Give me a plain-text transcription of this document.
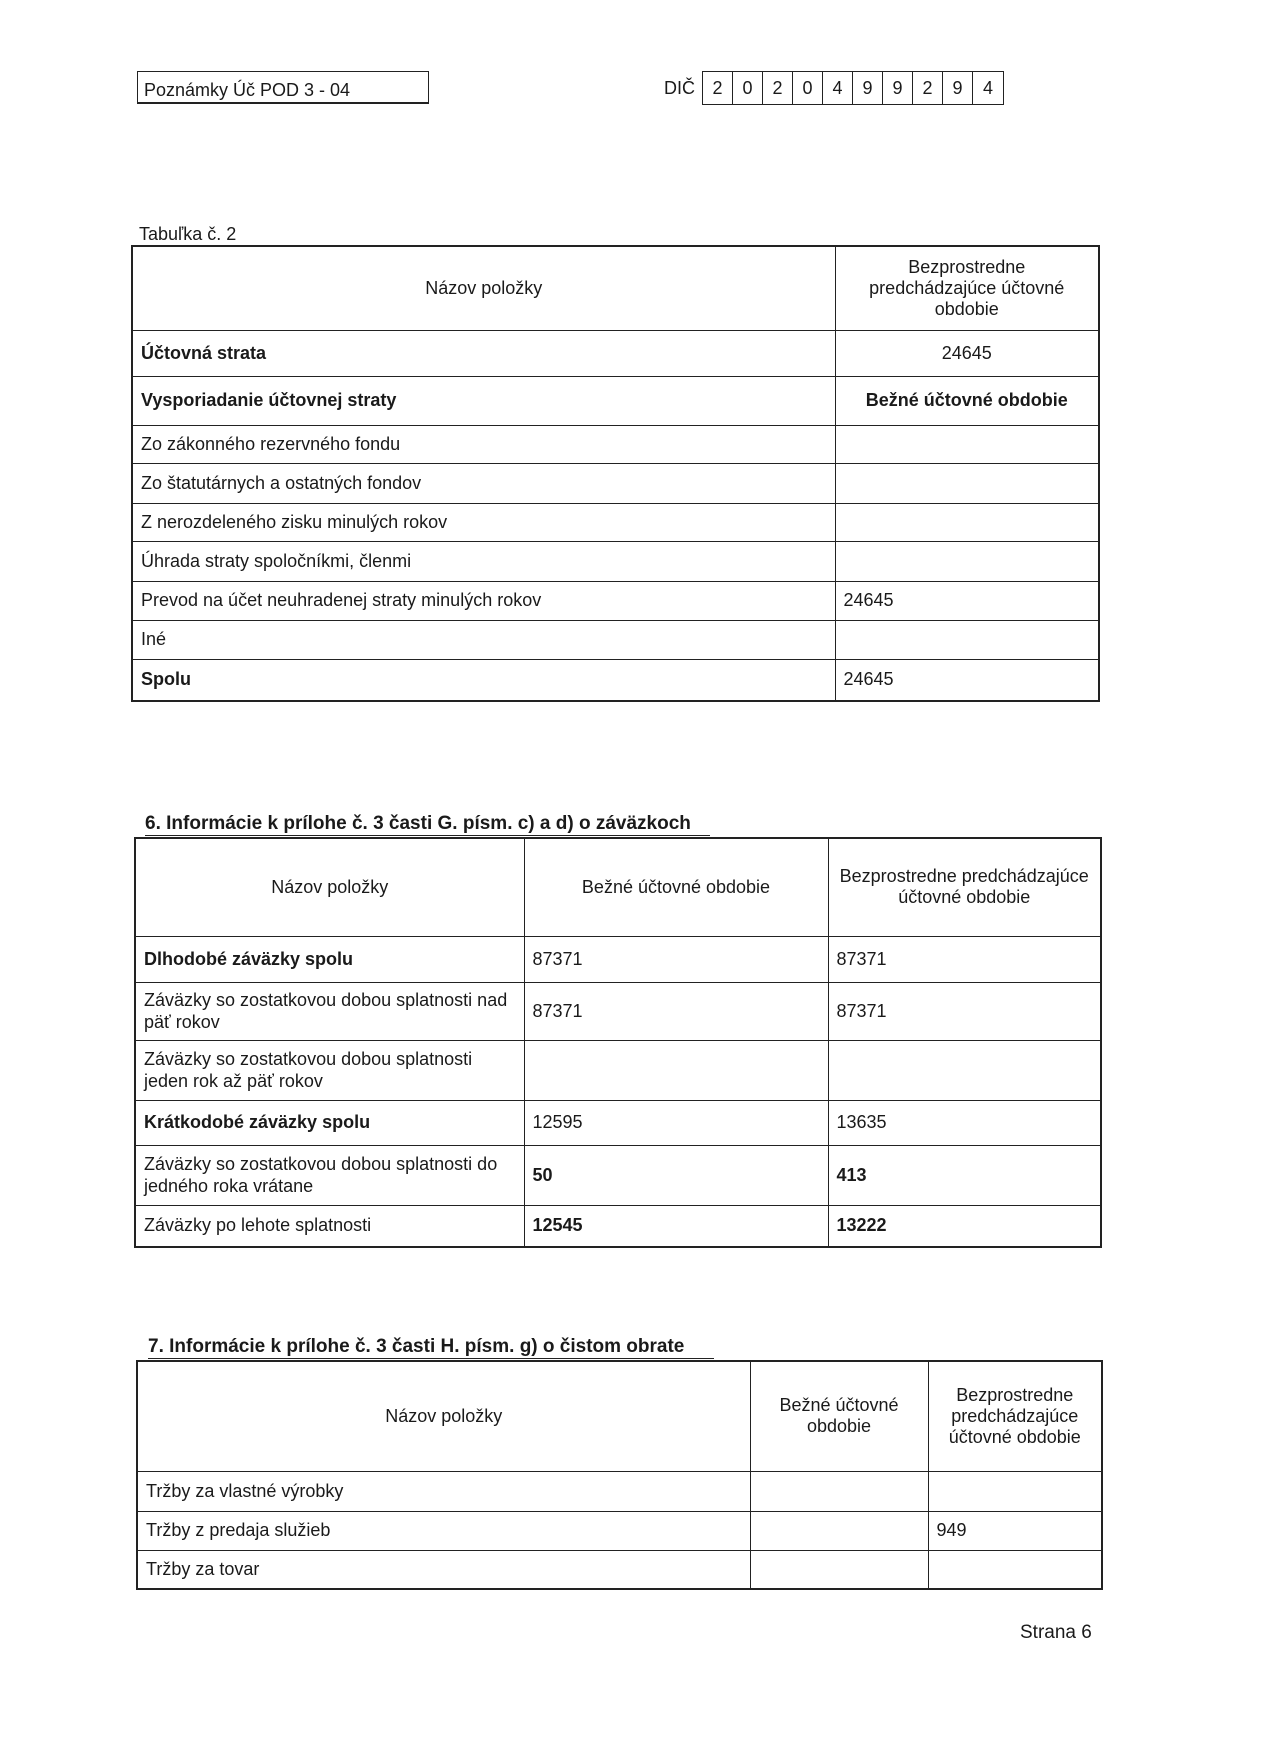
Poznámky Úč POD 3 - 04	DIČ 2	0	2	0	4	9	9	2	9	4
Tabuľka č. 2
Názov položky	Bezprostredne predchádzajúce účtovné obdobie
Účtovná strata	24645
Vysporiadanie účtovnej straty	Bežné účtovné obdobie
Zo zákonného rezervného fondu	
Zo štatutárnych a ostatných fondov	
Z nerozdeleného zisku minulých rokov	
Úhrada straty spoločníkmi, členmi	
Prevod na účet neuhradenej straty minulých rokov	24645
Iné	
Spolu	24645
6. Informácie k prílohe č. 3 časti G. písm. c) a d) o záväzkoch
Názov položky	Bežné účtovné obdobie	Bezprostredne predchádzajúce účtovné obdobie
Dlhodobé záväzky spolu	87371	87371
Záväzky so zostatkovou dobou splatnosti nad päť rokov	87371	87371
Záväzky so zostatkovou dobou splatnosti jeden rok až päť rokov		
Krátkodobé záväzky spolu	12595	13635
Záväzky so zostatkovou dobou splatnosti do jedného roka vrátane	50	413
Záväzky po lehote splatnosti	12545	13222
7. Informácie k prílohe č. 3 časti H. písm. g) o čistom obrate
Názov položky	Bežné účtovné obdobie	Bezprostredne predchádzajúce účtovné obdobie
Tržby za vlastné výrobky		
Tržby z predaja služieb		949
Tržby za tovar		
Strana 6
